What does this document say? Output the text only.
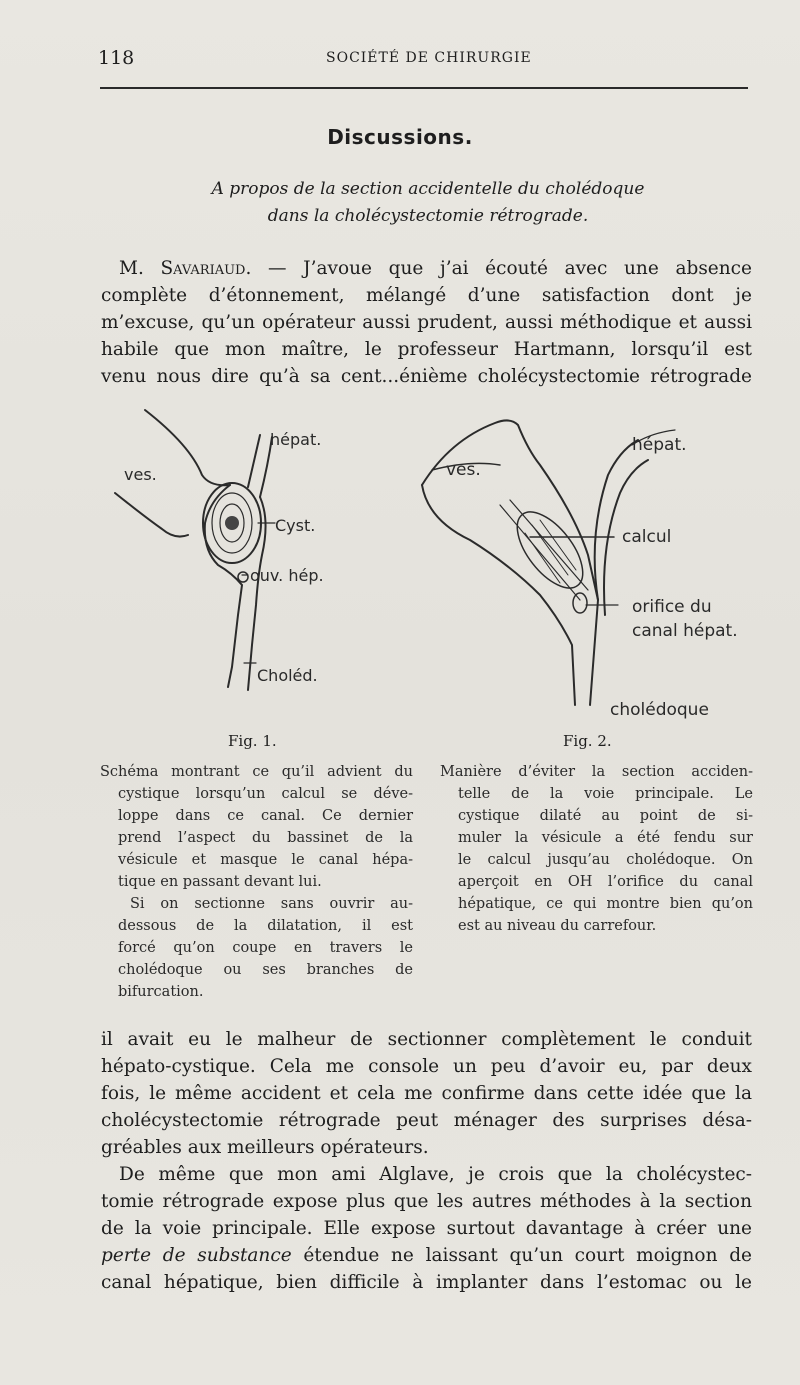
118	SOCIÉTÉ DE CHIRURGIE
Discussions.
A propos de la section accidentelle du cholédoque
dans la cholécystectomie rétrograde.
M. Savariaud. — J’avoue que j’ai écouté avec une absence
complète d’étonnement, mélangé d’une satisfaction dont je
m’excuse, qu’un opérateur aussi prudent, aussi méthodique et aussi
habile que mon maître, le professeur Hartmann, lorsqu’il est
venu nous dire qu’à sa cent...énième cholécystectomie rétrograde
ves.
hépat.
Cyst.
ouv. hép.
Choléd.
Fig. 1.
ves.
hépat.
calcul
orifice du
canal hépat.
cholédoque
Fig. 2.
Schéma montrant ce qu’il advient du
cystique lorsqu’un calcul se déve-
loppe dans ce canal. Ce dernier
prend l’aspect du bassinet de la
vésicule et masque le canal hépa-
tique en passant devant lui.
Si on sectionne sans ouvrir au-
dessous de la dilatation, il est
forcé qu’on coupe en travers le
cholédoque ou ses branches de
bifurcation.
Manière d’éviter la section acciden-
telle de la voie principale. Le
cystique dilaté au point de si-
muler la vésicule a été fendu sur
le calcul jusqu’au cholédoque. On
aperçoit en OH l’orifice du canal
hépatique, ce qui montre bien qu’on
est au niveau du carrefour.
il avait eu le malheur de sectionner complètement le conduit
hépato-cystique. Cela me console un peu d’avoir eu, par deux
fois, le même accident et cela me confirme dans cette idée que la
cholécystectomie rétrograde peut ménager des surprises désa-
gréables aux meilleurs opérateurs.
De même que mon ami Alglave, je crois que la cholécystec-
tomie rétrograde expose plus que les autres méthodes à la section
de la voie principale. Elle expose surtout davantage à créer une
perte de substance étendue ne laissant qu’un court moignon de
canal hépatique, bien difficile à implanter dans l’estomac ou le
